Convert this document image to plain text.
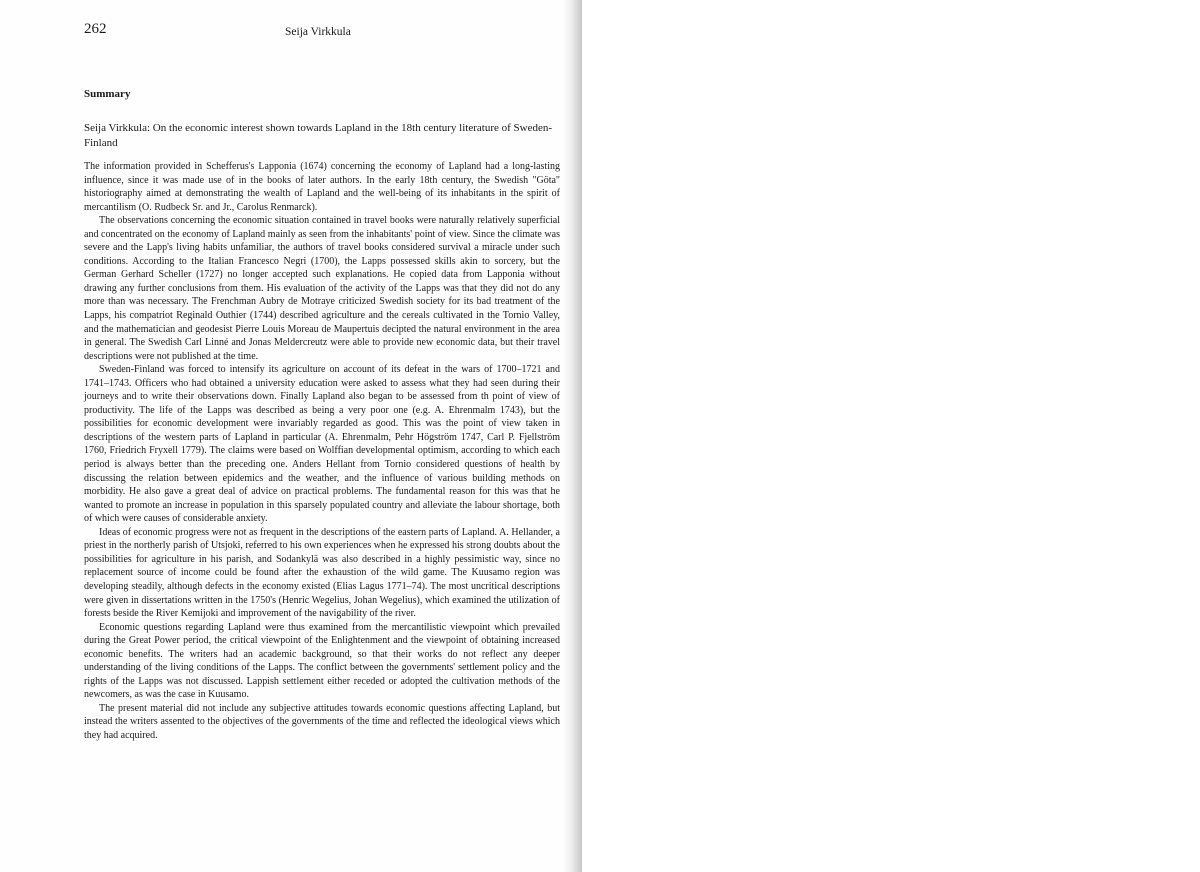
262	Seija Virkkula
Summary

Seija Virkkula: On the economic interest shown towards Lapland in the 18th century literature of Sweden-Finland

The information provided in Schefferus's Lapponia (1674) concerning the economy of Lapland had a long-lasting influence, since it was made use of in the books of later authors. In the early 18th century, the Swedish "Göta" historiography aimed at demonstrating the wealth of Lapland and the well-being of its inhabitants in the spirit of mercantilism (O. Rudbeck Sr. and Jr., Carolus Renmarck).

The observations concerning the economic situation contained in travel books were naturally relatively superficial and concentrated on the economy of Lapland mainly as seen from the inhabitants' point of view. Since the climate was severe and the Lapp's living habits unfamiliar, the authors of travel books considered survival a miracle under such conditions. According to the Italian Francesco Negri (1700), the Lapps possessed skills akin to sorcery, but the German Gerhard Scheller (1727) no longer accepted such explanations. He copied data from Lapponia without drawing any further conclusions from them. His evaluation of the activity of the Lapps was that they did not do any more than was necessary. The Frenchman Aubry de Motraye criticized Swedish society for its bad treatment of the Lapps, his compatriot Reginald Outhier (1744) described agriculture and the cereals cultivated in the Tornio Valley, and the mathematician and geodesist Pierre Louis Moreau de Maupertuis decipted the natural environment in the area in general. The Swedish Carl Linné and Jonas Meldercreutz were able to provide new economic data, but their travel descriptions were not published at the time.

Sweden-Finland was forced to intensify its agriculture on account of its defeat in the wars of 1700–1721 and 1741–1743. Officers who had obtained a university education were asked to assess what they had seen during their journeys and to write their observations down. Finally Lapland also began to be assessed from th point of view of productivity. The life of the Lapps was described as being a very poor one (e.g. A. Ehrenmalm 1743), but the possibilities for economic development were invariably regarded as good. This was the point of view taken in descriptions of the western parts of Lapland in particular (A. Ehrenmalm, Pehr Högström 1747, Carl P. Fjellström 1760, Friedrich Fryxell 1779). The claims were based on Wolffian developmental optimism, according to which each period is always better than the preceding one. Anders Hellant from Tornio considered questions of health by discussing the relation between epidemics and the weather, and the influence of various building methods on morbidity. He also gave a great deal of advice on practical problems. The fundamental reason for this was that he wanted to promote an increase in population in this sparsely populated country and alleviate the labour shortage, both of which were causes of considerable anxiety.

Ideas of economic progress were not as frequent in the descriptions of the eastern parts of Lapland. A. Hellander, a priest in the northerly parish of Utsjoki, referred to his own experiences when he expressed his strong doubts about the possibilities for agriculture in his parish, and Sodankylä was also described in a highly pessimistic way, since no replacement source of income could be found after the exhaustion of the wild game. The Kuusamo region was developing steadily, although defects in the economy existed (Elias Lagus 1771–74). The most uncritical descriptions were given in dissertations written in the 1750's (Henric Wegelius, Johan Wegelius), which examined the utilization of forests beside the River Kemijoki and improvement of the navigability of the river.

Economic questions regarding Lapland were thus examined from the mercantilistic viewpoint which prevailed during the Great Power period, the critical viewpoint of the Enlightenment and the viewpoint of obtaining increased economic benefits. The writers had an academic background, so that their works do not reflect any deeper understanding of the living conditions of the Lapps. The conflict between the governments' settlement policy and the rights of the Lapps was not discussed. Lappish settlement either receded or adopted the cultivation methods of the newcomers, as was the case in Kuusamo.

The present material did not include any subjective attitudes towards economic questions affecting Lapland, but instead the writers assented to the objectives of the governments of the time and reflected the ideological views which they had acquired.
